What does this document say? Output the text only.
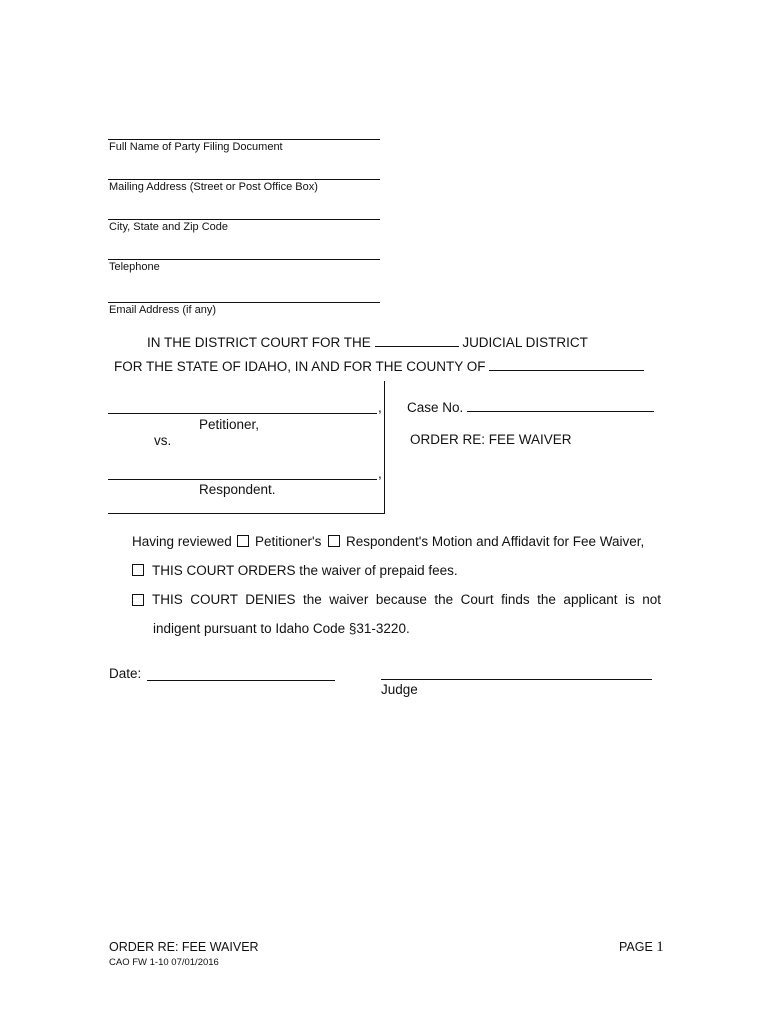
Full Name of Party Filing Document
Mailing Address (Street or Post Office Box)
City, State and Zip Code
Telephone
Email Address (if any)
IN THE DISTRICT COURT FOR THE	JUDICIAL DISTRICT
FOR THE STATE OF IDAHO, IN AND FOR THE COUNTY OF
,
Petitioner,
vs.
,
Respondent.
Case No.
ORDER RE: FEE WAIVER
Having reviewed Petitioner's Respondent's Motion and Affidavit for Fee Waiver,
THIS COURT ORDERS the waiver of prepaid fees.
THIS COURT DENIES the waiver because the Court finds the applicant is not
indigent pursuant to Idaho Code §31-3220.
Date:
Judge
ORDER RE: FEE WAIVER
CAO FW 1-10 07/01/2016
PAGE 1
